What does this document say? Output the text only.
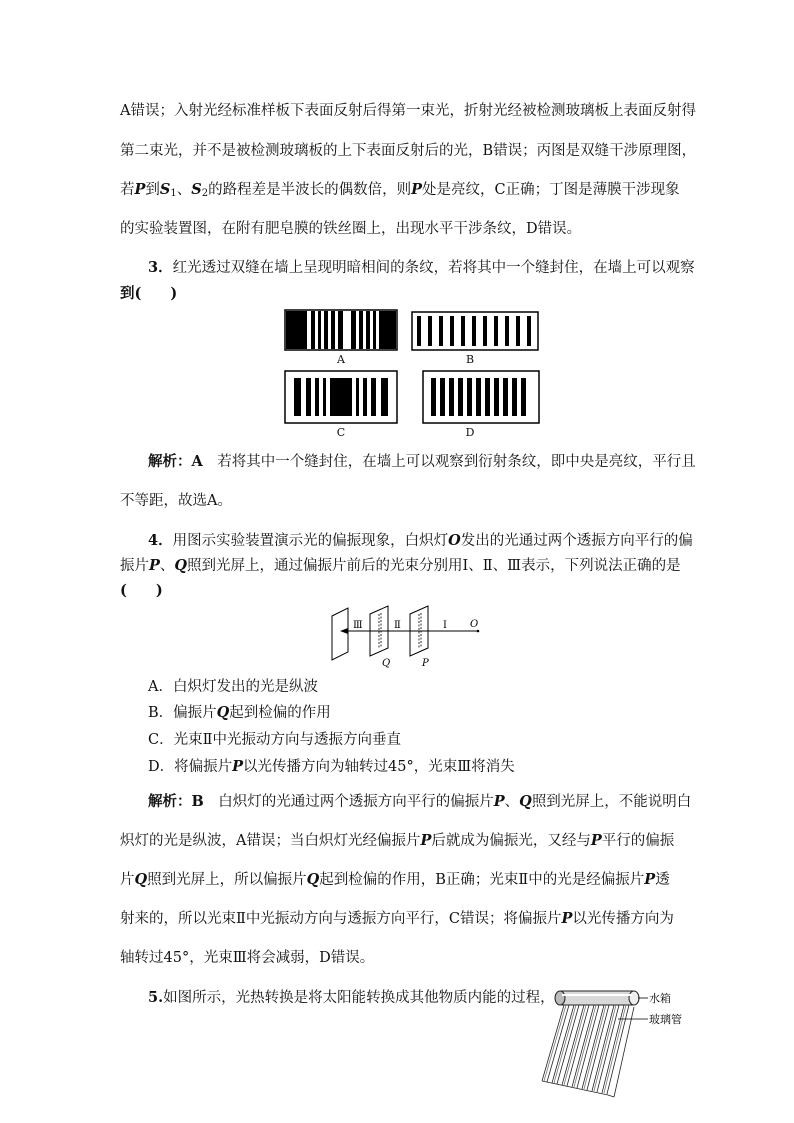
A错误；入射光经标准样板下表面反射后得第一束光，折射光经被检测玻璃板上表面反射得
第二束光，并不是被检测玻璃板的上下表面反射后的光，B错误；丙图是双缝干涉原理图，
若P到$S_1$、$S_2$的路程差是半波长的偶数倍，则P处是亮纹，C正确；丁图是薄膜干涉现象
的实验装置图，在附有肥皂膜的铁丝圈上，出现水平干涉条纹，D错误。
3．红光透过双缝在墙上呈现明暗相间的条纹，若将其中一个缝封住，在墙上可以观察
到(　　)
A	B
C	D
解析：A　 若将其中一个缝封住，在墙上可以观察到衍射条纹，即中央是亮纹，平行且
不等距，故选A。
4．用图示实验装置演示光的偏振现象，白炽灯O发出的光通过两个透振方向平行的偏
振片P、Q照到光屏上，通过偏振片前后的光束分别用Ⅰ、Ⅱ、Ⅲ表示，下列说法正确的是
(　　)
Ⅲ	Ⅱ	Ⅰ O
Q	P
A．白炽灯发出的光是纵波
B．偏振片Q起到检偏的作用
C．光束Ⅱ中光振动方向与透振方向垂直
D．将偏振片P以光传播方向为轴转过45°，光束Ⅲ将消失
解析：B　 白炽灯的光通过两个透振方向平行的偏振片P、Q照到光屏上，不能说明白
炽灯的光是纵波，A错误；当白炽灯光经偏振片P后就成为偏振光，又经与P平行的偏振
片Q照到光屏上，所以偏振片Q起到检偏的作用，B正确；光束Ⅱ中的光是经偏振片P透
射来的，所以光束Ⅱ中光振动方向与透振方向平行，C错误；将偏振片P以光传播方向为
轴转过45°，光束Ⅲ将会减弱，D错误。
5.如图所示，光热转换是将太阳能转换成其他物质内能的过程，	水箱
玻璃管
